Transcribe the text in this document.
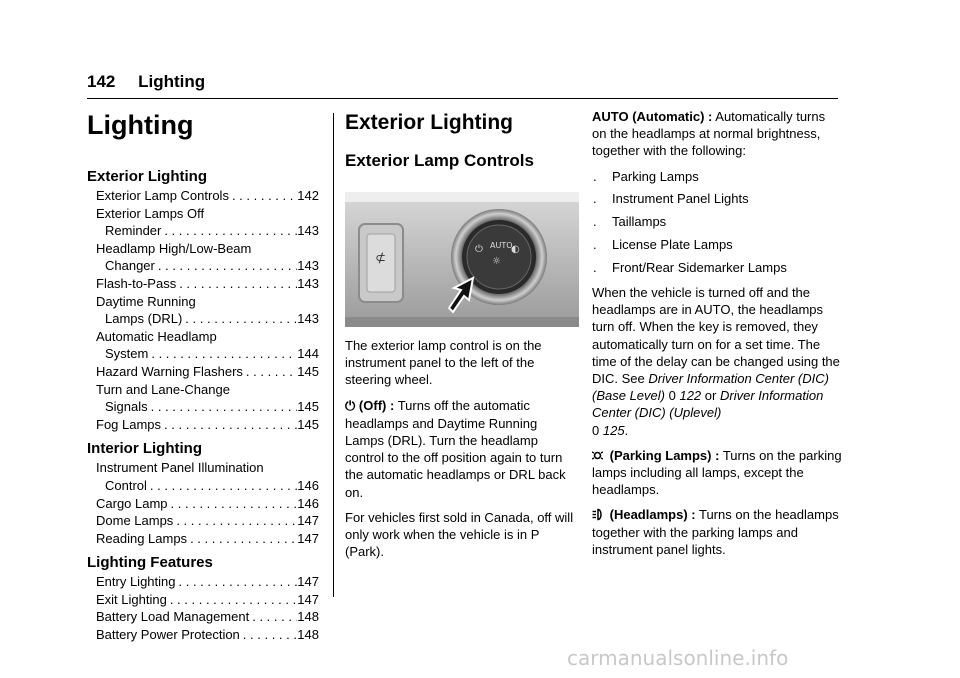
142 Lighting
Lighting
Exterior Lighting
Exterior Lamp Controls . . .	142
Exterior Lamps Off
Reminder . . .	143
Headlamp High/Low-Beam
Changer . . .	143
Flash-to-Pass . . .	143
Daytime Running
Lamps (DRL) . . .	143
Automatic Headlamp
System . . .	144
Hazard Warning Flashers . . .	145
Turn and Lane-Change
Signals . . .	145
Fog Lamps . . .	145
Interior Lighting
Instrument Panel Illumination
Control . . .	146
Cargo Lamp . . .	146
Dome Lamps . . .	147
Reading Lamps . . .	147
Lighting Features
Entry Lighting . . .	147
Exit Lighting . . .	147
Battery Load Management . . .	148
Battery Power Protection . . .	148
Exterior Lighting
Exterior Lamp Controls
⊄
AUTO
⏻
☼
◐

The exterior lamp control is on the instrument panel to the left of the steering wheel.

⏻ (Off) : Turns off the automatic headlamps and Daytime Running Lamps (DRL). Turn the headlamp control to the off position again to turn the automatic headlamps or DRL back on.

For vehicles first sold in Canada, off will only work when the vehicle is in P (Park).

AUTO (Automatic) : Automatically turns on the headlamps at normal brightness, together with the following:

.	Parking Lamps
.	Instrument Panel Lights
.	Taillamps
.	License Plate Lamps
.	Front/Rear Sidemarker Lamps

When the vehicle is turned off and the headlamps are in AUTO, the headlamps turn off. When the key is removed, they automatically turn on for a set time. The time of the delay can be changed using the DIC. See Driver Information Center (DIC) (Base Level) 0 122 or Driver Information Center (DIC) (Uplevel)
0 125.

(Parking Lamps) : Turns on the parking lamps including all lamps, except the headlamps.

(Headlamps) : Turns on the headlamps together with the parking lamps and instrument panel lights.

carmanualsonline.info
